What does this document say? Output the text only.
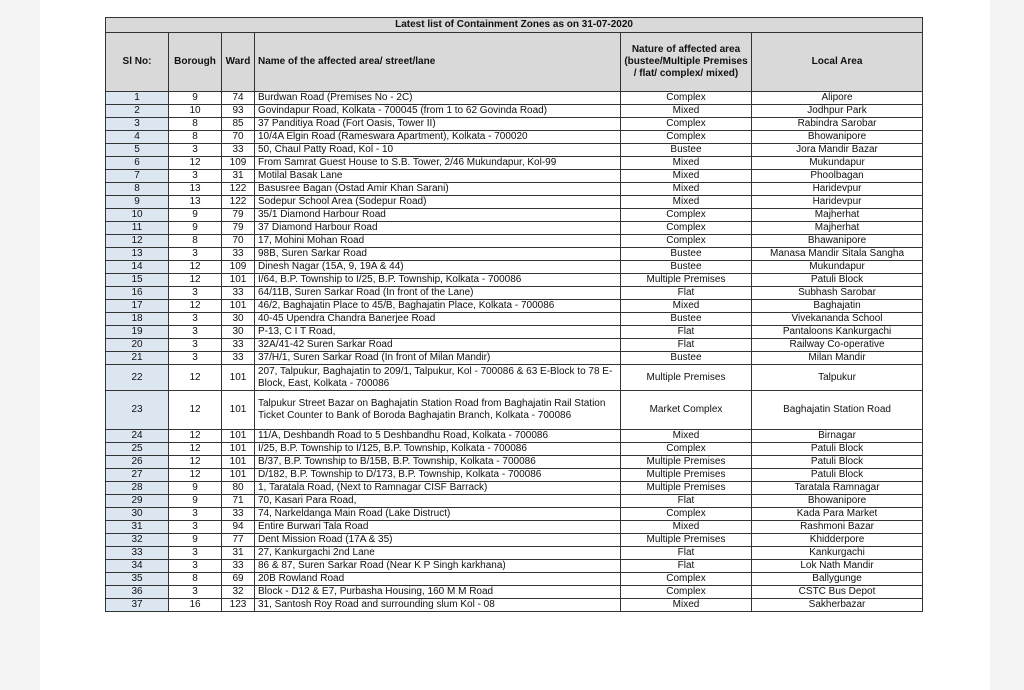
Latest list of Containment Zones as on 31-07-2020					
Sl No:	Borough	Ward	Name of the affected area/ street/lane	Nature of affected area (bustee/Multiple Premises / flat/ complex/ mixed)	Local Area
1	9	74	Burdwan Road (Premises No - 2C)	Complex	Alipore
2	10	93	Govindapur Road, Kolkata - 700045 (from 1 to 62 Govinda Road)	Mixed	Jodhpur Park
3	8	85	37 Panditiya Road (Fort Oasis, Tower II)	Complex	Rabindra Sarobar
4	8	70	10/4A Elgin Road (Rameswara Apartment), Kolkata - 700020	Complex	Bhowanipore
5	3	33	50, Chaul Patty Road, Kol - 10	Bustee	Jora Mandir Bazar
6	12	109	From Samrat Guest House to S.B. Tower, 2/46 Mukundapur, Kol-99	Mixed	Mukundapur
7	3	31	Motilal Basak Lane	Mixed	Phoolbagan
8	13	122	Basusree Bagan (Ostad Amir Khan Sarani)	Mixed	Haridevpur
9	13	122	Sodepur School Area (Sodepur Road)	Mixed	Haridevpur
10	9	79	35/1 Diamond Harbour Road	Complex	Majherhat
11	9	79	37 Diamond Harbour Road	Complex	Majherhat
12	8	70	17, Mohini Mohan Road	Complex	Bhawanipore
13	3	33	98B, Suren Sarkar Road	Bustee	Manasa Mandir Sitala Sangha
14	12	109	Dinesh Nagar (15A, 9, 19A & 44)	Bustee	Mukundapur
15	12	101	I/64, B.P. Township to I/25, B.P. Township, Kolkata - 700086	Multiple Premises	Patuli Block
16	3	33	64/11B, Suren Sarkar Road (In front of the Lane)	Flat	Subhash Sarobar
17	12	101	46/2, Baghajatin Place to 45/B, Baghajatin Place, Kolkata - 700086	Mixed	Baghajatin
18	3	30	40-45 Upendra Chandra Banerjee Road	Bustee	Vivekananda School
19	3	30	P-13, C I T Road,	Flat	Pantaloons Kankurgachi
20	3	33	32A/41-42 Suren Sarkar Road	Flat	Railway Co-operative
21	3	33	37/H/1, Suren Sarkar Road (In front of Milan Mandir)	Bustee	Milan Mandir
22	12	101	207, Talpukur, Baghajatin to 209/1, Talpukur, Kol - 700086 & 63 E-Block to 78 E-Block, East, Kolkata - 700086	Multiple Premises	Talpukur
23	12	101	Talpukur Street Bazar on Baghajatin Station Road from Baghajatin Rail Station Ticket Counter to Bank of Boroda Baghajatin Branch, Kolkata - 700086	Market Complex	Baghajatin Station Road
24	12	101	11/A, Deshbandh Road to 5 Deshbandhu Road, Kolkata - 700086	Mixed	Birnagar
25	12	101	I/25, B.P. Township to I/125, B.P. Township, Kolkata - 700086	Complex	Patuli Block
26	12	101	B/37, B.P. Township to B/15B, B.P. Township, Kolkata - 700086	Multiple Premises	Patuli Block
27	12	101	D/182, B.P. Township to D/173, B.P. Township, Kolkata - 700086	Multiple Premises	Patuli Block
28	9	80	1, Taratala Road, (Next to Ramnagar CISF Barrack)	Multiple Premises	Taratala Ramnagar
29	9	71	70, Kasari Para Road,	Flat	Bhowanipore
30	3	33	74, Narkeldanga Main Road (Lake Distruct)	Complex	Kada Para Market
31	3	94	Entire Burwari Tala Road	Mixed	Rashmoni Bazar
32	9	77	Dent Mission Road (17A & 35)	Multiple Premises	Khidderpore
33	3	31	27, Kankurgachi 2nd Lane	Flat	Kankurgachi
34	3	33	86 & 87, Suren Sarkar Road (Near K P Singh karkhana)	Flat	Lok Nath Mandir
35	8	69	20B Rowland Road	Complex	Ballygunge
36	3	32	Block - D12 & E7, Purbasha Housing, 160 M M Road	Complex	CSTC Bus Depot
37	16	123	31, Santosh Roy Road and surrounding slum Kol - 08	Mixed	Sakherbazar
